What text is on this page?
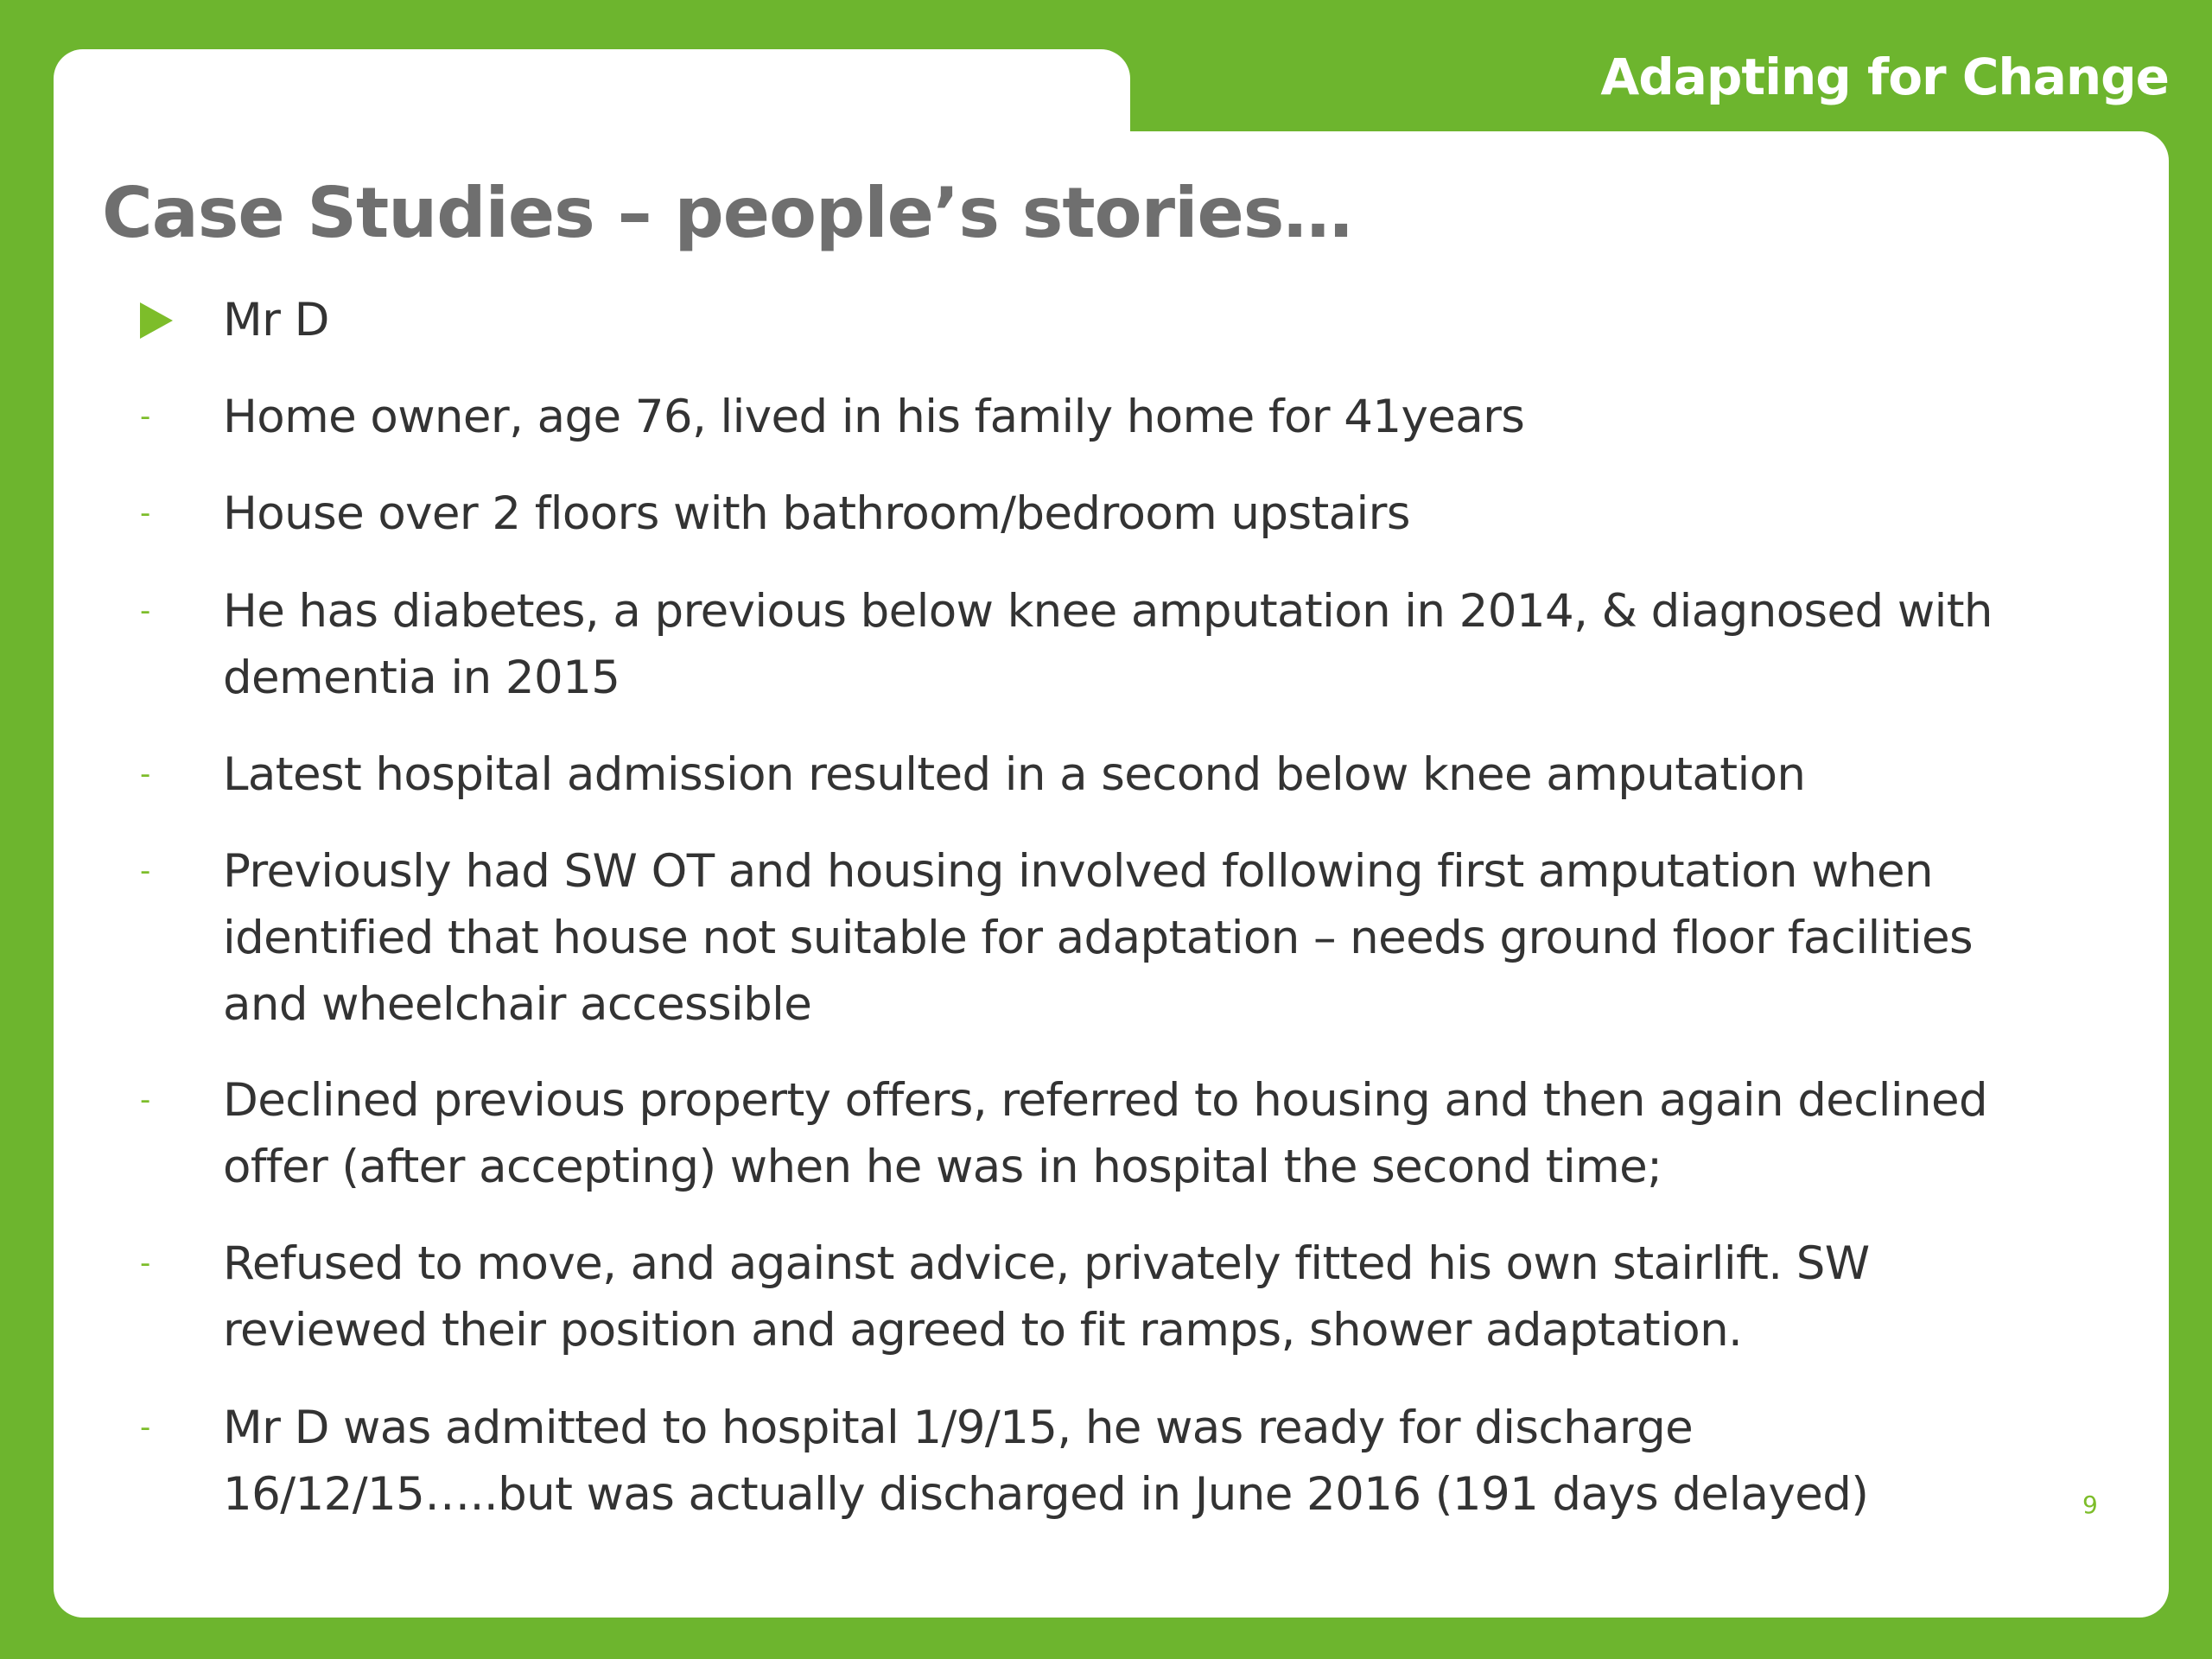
Adapting for Change
Case Studies – people’s stories…
Mr D
- Home owner, age 76, lived in his family home for 41years
- House over 2 floors with bathroom/bedroom upstairs
- He has diabetes, a previous below knee amputation in 2014, & diagnosed with
dementia in 2015
- Latest hospital admission resulted in a second below knee amputation
- Previously had SW OT and housing involved following first amputation when
identified that house not suitable for adaptation – needs ground floor facilities
and wheelchair accessible
- Declined previous property offers, referred to housing and then again declined
offer (after accepting) when he was in hospital the second time;
- Refused to move, and against advice, privately fitted his own stairlift. SW
reviewed their position and agreed to fit ramps, shower adaptation.
- Mr D was admitted to hospital 1/9/15, he was ready for discharge
16/12/15…..but was actually discharged in June 2016 (191 days delayed)	9
